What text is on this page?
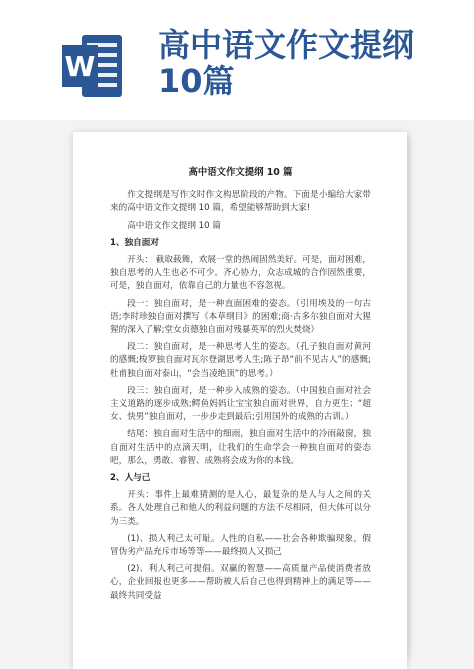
W
高中语文作文提纲
10篇
高中语文作文提纲 10 篇
作文提纲是写作文时作文构思阶段的产物。下面是小编给大家带来的高中语文作文提纲 10 篇，希望能够帮助到大家!
高中语文作文提纲 10 篇
1、独自面对
开头： 截取载舞，欢展一堂的热闹固然美好。可是，面对困难，独自思考的人生也必不可少。齐心协力，众志成城的合作固然重要，可是，独自面对，依靠自己的力量也不容忽视。
段一：独自面对，是一种直面困难的姿态。（引用埃及的一句古语;李时珍独自面对撰写《本草纲目》的困难;商·古多尔独自面对大猩猩的深入了解;堂女贞德独自面对残暴英军的烈火焚烧）
段二：独自面对，是一种思考人生的姿态。（孔子独自面对黄河的感慨;梭罗独自面对瓦尔登湖思考人生;陈子昂“前不见古人”的感慨;杜甫独自面对泰山，“会当凌绝顶”的思考。）
段三：独自面对，是一种步入成熟的姿态。（中国独自面对社会主义道路的逐步成熟;鳄鱼妈妈让宝宝独自面对世界，自力更生；“超女、快男”独自面对，一步步走到最后;引用国外的成熟的古训。）
结尾：独自面对生活中的细雨，独自面对生活中的冷雨敲窗，独自面对生活中的点滴天明，让我们的生命学会一种独自面对的姿态吧，那么，勇敢、睿智、成熟将会成为你的本钱。
2、人与己
开头：事件上最难猜测的是人心，最复杂的是人与人之间的关系。各人处理自己和他人的利益问题的方法不尽相同，但大体可以分为三类。
(1)、损人利己太可耻。人性的自私——社会各种欺骗现象，假冒伪劣产品充斥市场等等——最终损人又损己
(2)、利人利己可提倡。双赢的智慧——高质量产品使消费者放心，企业回报也更多——帮助被人后自己也得到精神上的满足等——最终共同受益
